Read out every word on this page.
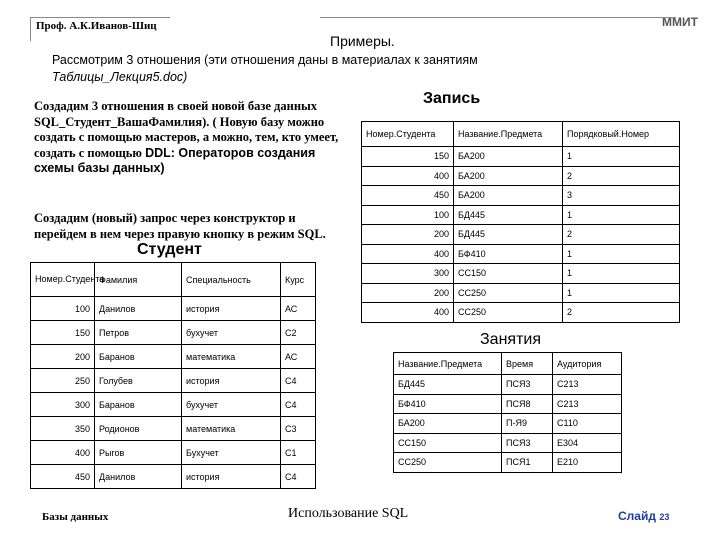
Проф. А.К.Иванов-Шиц	ММИТ
Примеры.
Рассмотрим 3 отношения (эти отношения даны в материалах к занятиям
Таблицы_Лекция5.doc)
Создадим 3 отношения в своей новой базе данных SQL_Студент_ВашаФамилия). ( Новую базу можно создать с помощью мастеров, а можно, тем, кто умеет, создать с помощью DDL: Операторов создания схемы базы данных)
Создадим (новый) запрос через конструктор и перейдем в нем через правую кнопку в режим SQL.
Студент
Номер.Студента	Фамилия	Специальность	Курс
100	Данилов	история	АС
150	Петров	бухучет	С2
200	Баранов	математика	АС
250	Голубев	история	С4
300	Баранов	бухучет	С4
350	Родионов	математика	С3
400	Рыгов	Бухучет	С1
450	Данилов	история	С4
Запись
Номер.Студента	Название.Предмета	Порядковый.Номер
150	БА200	1
400	БА200	2
450	БА200	3
100	БД445	1
200	БД445	2
400	БФ410	1
300	СС150	1
200	СС250	1
400	СС250	2
Занятия
Название.Предмета	Время	Аудитория
БД445	ПСЯ3	С213
БФ410	ПСЯ8	С213
БА200	П-Я9	С110
СС150	ПСЯ3	Е304
СС250	ПСЯ1	Е210
Базы данных	Использование SQL	Слайд 23
